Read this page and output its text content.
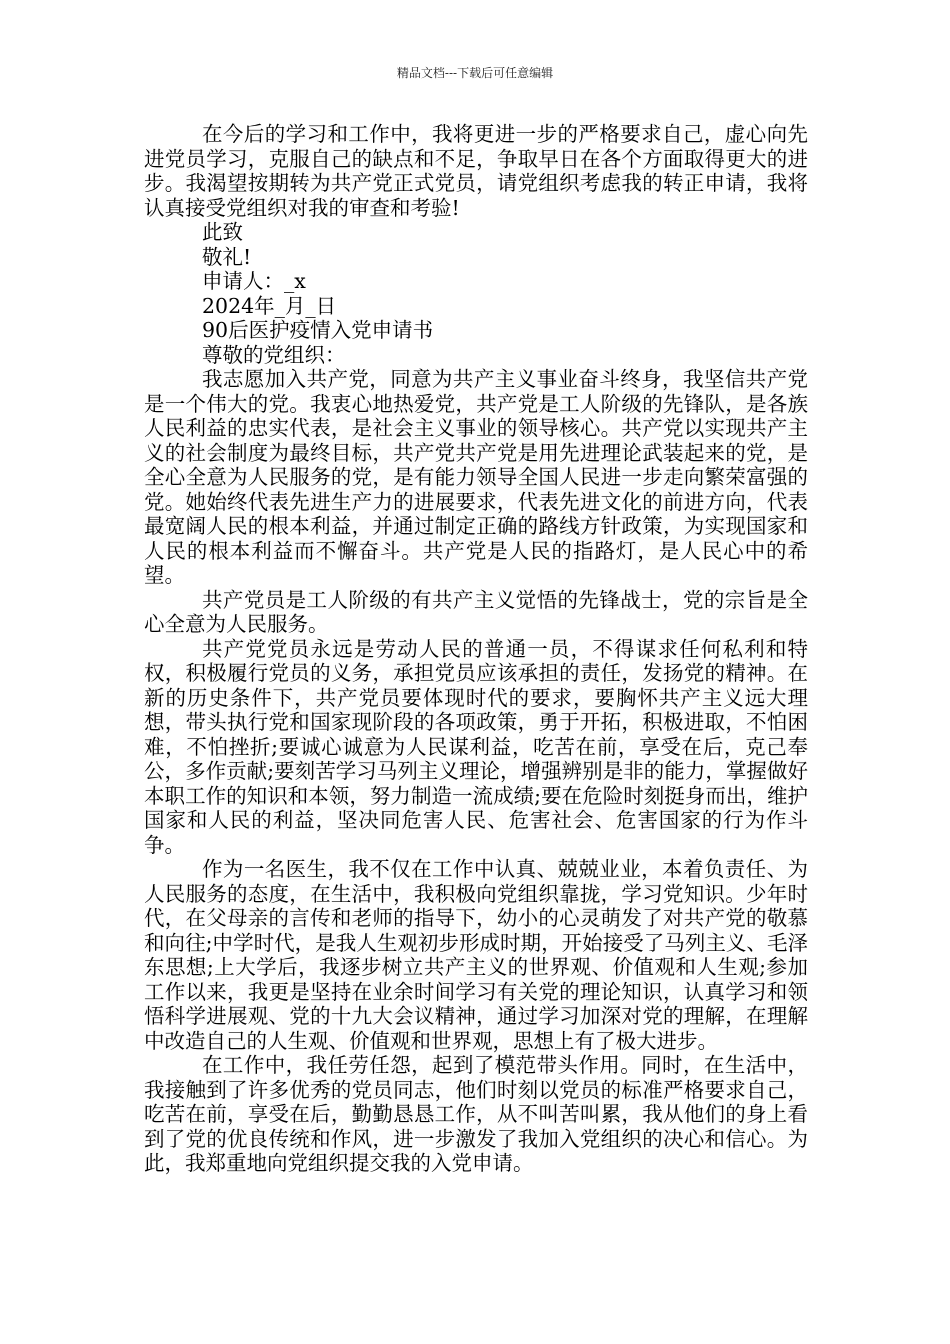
精品文档---下载后可任意编辑

在今后的学习和工作中，我将更进一步的严格要求自己，虚心向先进党员学习，克服自己的缺点和不足，争取早日在各个方面取得更大的进步。我渴望按期转为共产党正式党员，请党组织考虑我的转正申请，我将认真接受党组织对我的审查和考验!

此致

敬礼!

申请人：_x

2024年_月_日

90后医护疫情入党申请书

尊敬的党组织：

我志愿加入共产党，同意为共产主义事业奋斗终身，我坚信共产党是一个伟大的党。我衷心地热爱党，共产党是工人阶级的先锋队，是各族人民利益的忠实代表，是社会主义事业的领导核心。共产党以实现共产主义的社会制度为最终目标，共产党共产党是用先进理论武装起来的党，是全心全意为人民服务的党，是有能力领导全国人民进一步走向繁荣富强的党。她始终代表先进生产力的进展要求，代表先进文化的前进方向，代表最宽阔人民的根本利益，并通过制定正确的路线方针政策，为实现国家和人民的根本利益而不懈奋斗。共产党是人民的指路灯，是人民心中的希望。

共产党员是工人阶级的有共产主义觉悟的先锋战士，党的宗旨是全心全意为人民服务。

共产党党员永远是劳动人民的普通一员，不得谋求任何私利和特权，积极履行党员的义务，承担党员应该承担的责任，发扬党的精神。在新的历史条件下，共产党员要体现时代的要求，要胸怀共产主义远大理想，带头执行党和国家现阶段的各项政策，勇于开拓，积极进取，不怕困难，不怕挫折;要诚心诚意为人民谋利益，吃苦在前，享受在后，克己奉公，多作贡献;要刻苦学习马列主义理论，增强辨别是非的能力，掌握做好本职工作的知识和本领，努力制造一流成绩;要在危险时刻挺身而出，维护国家和人民的利益，坚决同危害人民、危害社会、危害国家的行为作斗争。

作为一名医生，我不仅在工作中认真、兢兢业业，本着负责任、为人民服务的态度，在生活中，我积极向党组织靠拢，学习党知识。少年时代，在父母亲的言传和老师的指导下，幼小的心灵萌发了对共产党的敬慕和向往;中学时代，是我人生观初步形成时期，开始接受了马列主义、毛泽东思想;上大学后，我逐步树立共产主义的世界观、价值观和人生观;参加工作以来，我更是坚持在业余时间学习有关党的理论知识，认真学习和领悟科学进展观、党的十九大会议精神，通过学习加深对党的理解，在理解中改造自己的人生观、价值观和世界观，思想上有了极大进步。

在工作中，我任劳任怨，起到了模范带头作用。同时，在生活中，我接触到了许多优秀的党员同志，他们时刻以党员的标准严格要求自己，吃苦在前，享受在后，勤勤恳恳工作，从不叫苦叫累，我从他们的身上看到了党的优良传统和作风，进一步激发了我加入党组织的决心和信心。为此，我郑重地向党组织提交我的入党申请。
